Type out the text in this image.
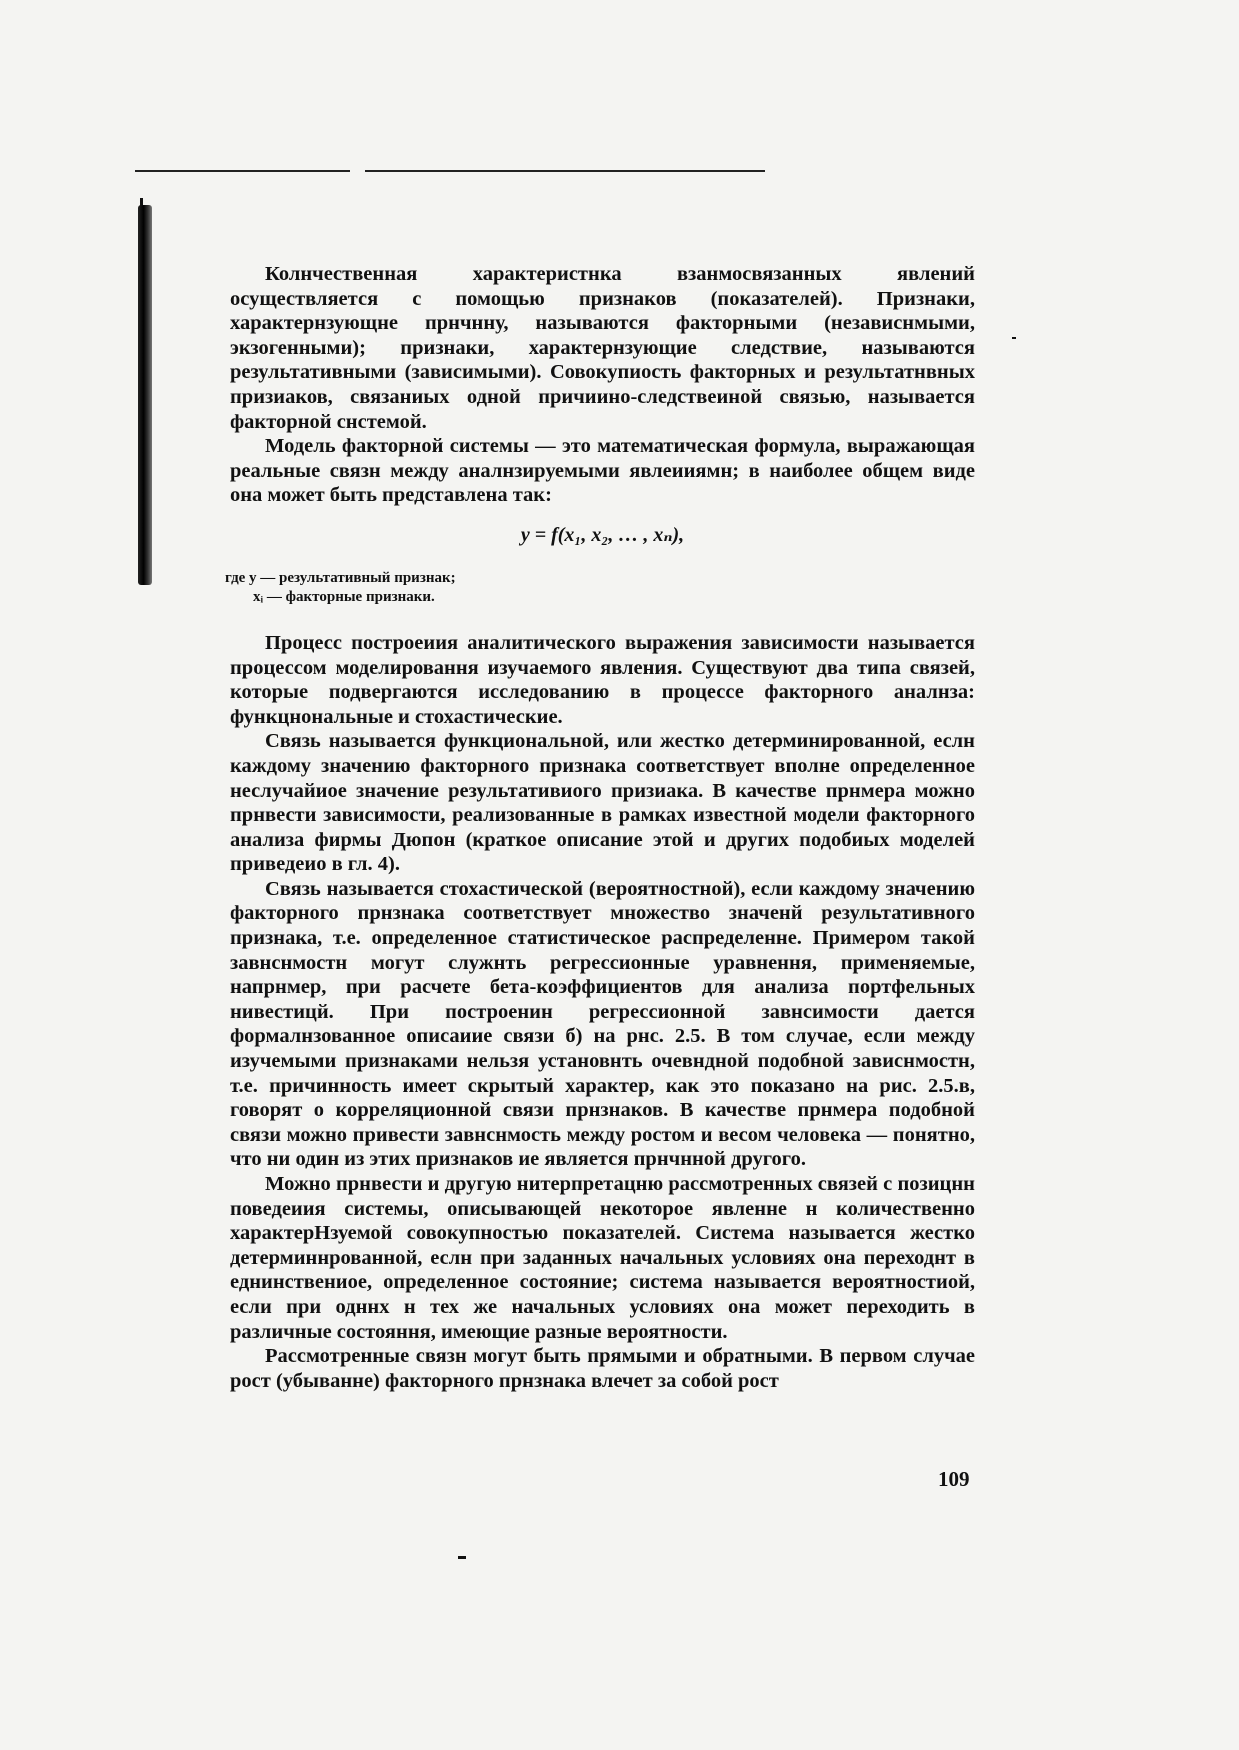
Колнчественная характеристнка взанмосвязанных явлений осуществляется с помощью признаков (показателей). Признаки, характернзующне прнчнну, называются факторными (независнмыми, экзогенными); признаки, характернзующие следствие, называются результативными (зависимыми). Совокупиость факторных и результатнвных призиаков, связаниых одной причиино-следствеиной связью, называется факторной снстемой.

Модель факторной системы — это математическая формула, выражающая реальные связн между аналнзируемыми явлеииямн; в наиболее общем виде она может быть представлена так:

y = f(x₁, x₂, … , xₙ),
где y — результативный признак;
xᵢ — факторные признаки.

Процесс построеиия аналитического выражения зависимости называется процессом моделировання изучаемого явления. Существуют два типа связей, которые подвергаются исследованию в процессе факторного аналнза: функцнональные и стохастические.

Связь называется функциональной, или жестко детерминированной, еслн каждому значению факторного признака соответствует вполне определенное неслучайиое значение результативиого призиака. В качестве прнмера можно прнвести зависимости, реализованные в рамках известной модели факторного анализа фирмы Дюпон (краткое описание этой и других подобиых моделей приведеио в гл. 4).

Связь называется стохастической (вероятностной), если каждому значению факторного прнзнака соответствует множество значенй результативного признака, т.е. определенное статистическое распределенне. Примером такой завнснмостн могут служнть регрессионные уравнення, применяемые, напрнмер, при расчете бета-коэффициентов для анализа портфельных нивестицй. При построенин регрессионной завнсимости дается формалнзованное описаиие связи б) на рнс. 2.5. В том случае, если между изучемыми признаками нельзя установнть очевндной подобной зависнмостн, т.е. причинность имеет скрытый характер, как это показано на рис. 2.5.в, говорят о корреляционной связи прнзнаков. В качестве прнмера подобной связи можно привести завнснмость между ростом и весом человека — понятно, что ни один из этих признаков ие является прнчнной другого.

Можно прнвести и другую нитерпретацню рассмотренных связей с позицнн поведеиия системы, описывающей некоторое явленне н количественно характерНзуемой совокупностью показателей. Система называется жестко детерминнрованной, еслн при заданных начальных условиях она переходнт в еднинствениое, определенное состояние; система называется вероятностиой, если при одннх н тех же начальных условиях она может переходить в различные состояння, имеющие разные вероятности.

Рассмотренные связн могут быть прямыми и обратными. В первом случае рост (убыванне) факторного прнзнака влечет за собой рост

109
